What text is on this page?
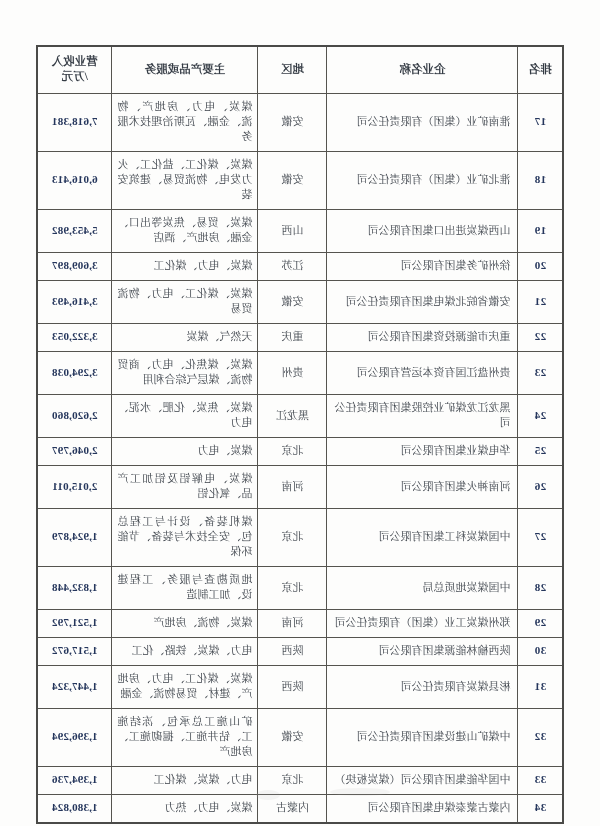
排名	企业名称	地区	主要产品或服务	营业收入
/万元
17	淮南矿业（集团）有限责任公司	安徽	煤炭、电力、房地产、物流、金融、瓦斯治理技术服务	7,618,381
18	淮北矿业（集团）有限责任公司	安徽	煤炭、煤化工、盐化工、火力发电、物流贸易、建筑安装	6,016,413
19	山西煤炭进出口集团有限公司	山西	煤炭、贸易、焦炭等出口、金融、房地产、酒店	5,453,982
20	徐州矿务集团有限公司	江苏	煤炭、电力、煤化工	3,609,897
21	安徽省皖北煤电集团有限责任公司	安徽	煤炭、煤化工、电力、物流贸易	3,416,493
22	重庆市能源投资集团有限公司	重庆	天然气、煤炭	3,322,053
23	贵州盘江国有资本运营有限公司	贵州	煤炭、煤焦化、电力、商贸物流、煤层气综合利用	3,294,038
24	黑龙江龙煤矿业控股集团有限责任公司	黑龙江	煤炭、焦炭、化肥、水泥、电力	2,620,860
25	华电煤业集团有限公司	北京	煤炭、电力	2,046,797
26	河南神火集团有限公司	河南	煤炭、电解铝及铝加工产品、氧化铝	2,015,011
27	中国煤炭科工集团有限公司	北京	煤机装备、设计与工程总包、安全技术与装备、节能环保	1,924,879
28	中国煤炭地质总局	北京	地质勘查与服务、工程建设、加工制造	1,832,448
29	郑州煤炭工业（集团）有限责任公司	河南	煤炭、物流、房地产	1,521,792
30	陕西榆林能源集团有限公司	陕西	电力、煤炭、铁路、化工	1,517,672
31	彬县煤炭有限责任公司	陕西	煤炭、煤化工、电力、房地产、建材、贸易物流、金融	1,447,324
32	中煤矿山建设集团有限责任公司	安徽	矿山施工总承包、冻结施工、钻井施工、掘砌施工、房地产	1,396,294
33	中国华能集团有限公司（煤炭板块）	北京	电力、煤炭、煤化工	1,394,736
34	内蒙古蒙泰煤电集团有限公司	内蒙古	煤炭、电力、热力	1,380,824
